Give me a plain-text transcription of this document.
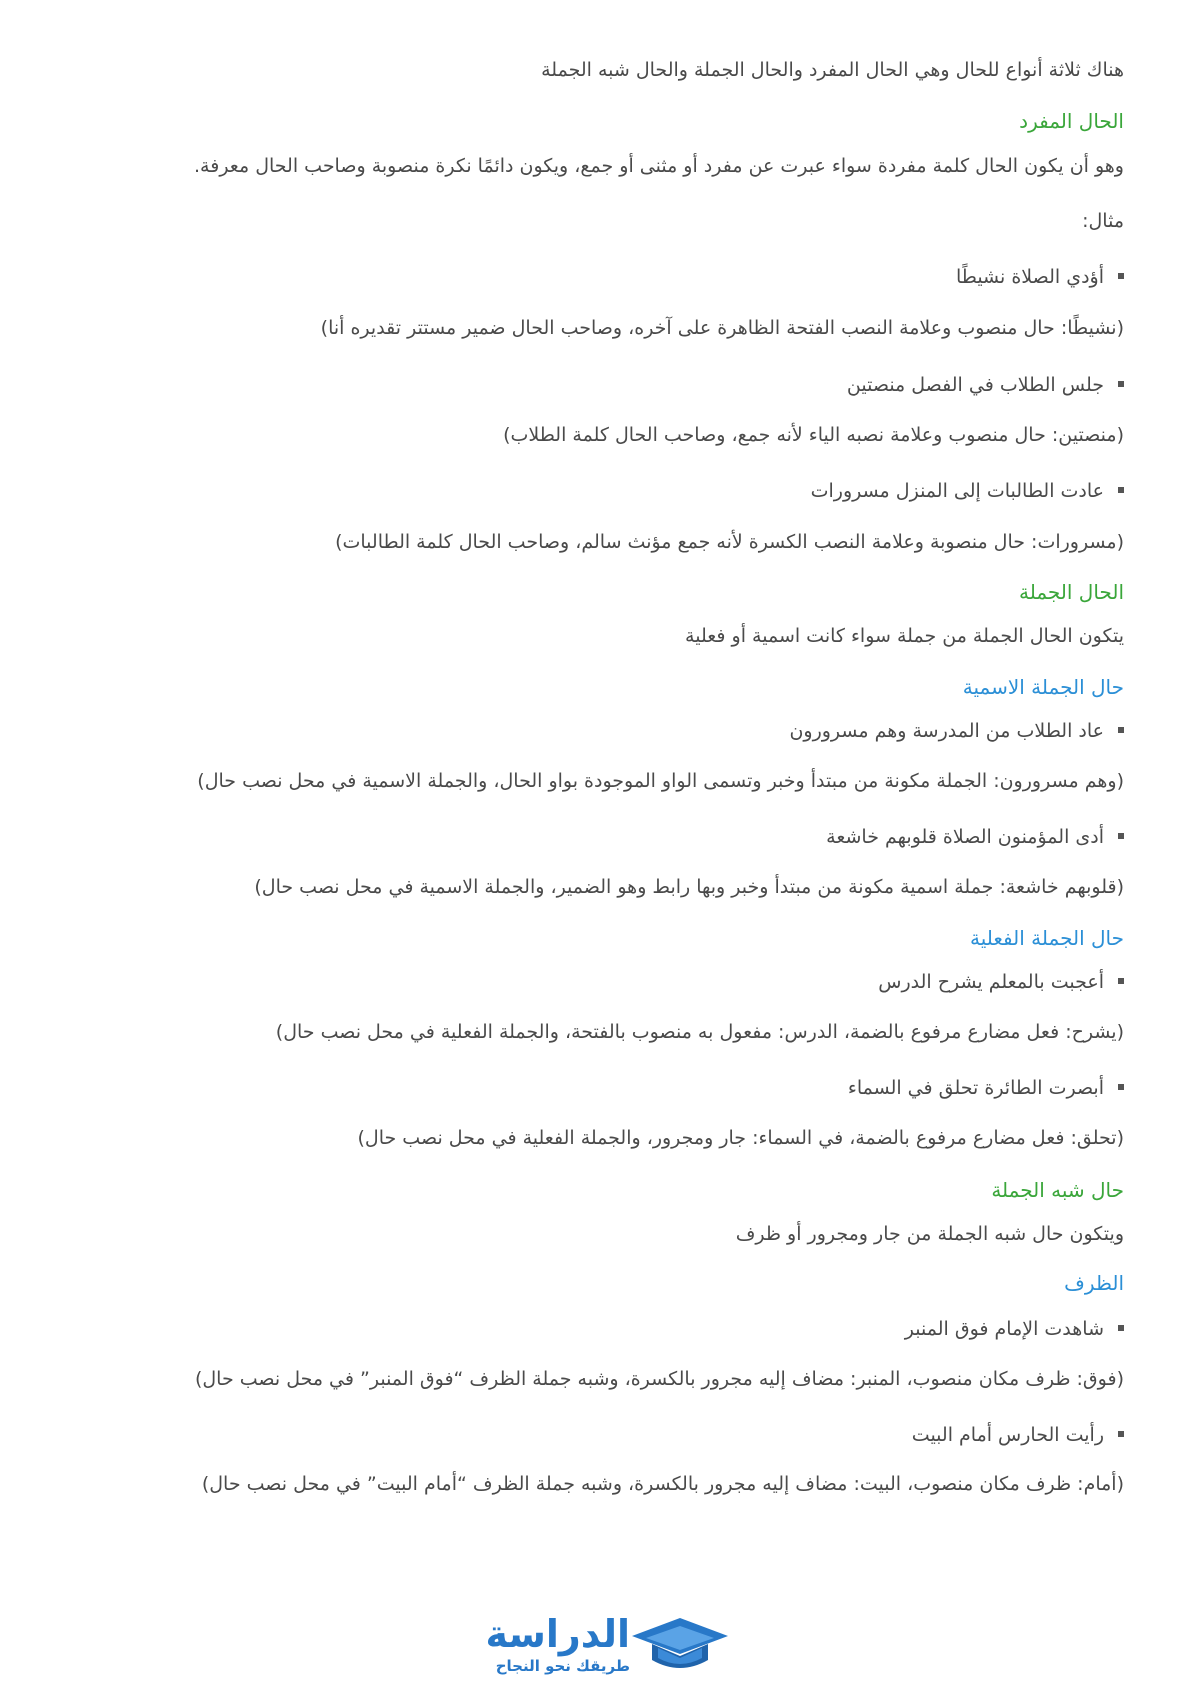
هناك ثلاثة أنواع للحال وهي الحال المفرد والحال الجملة والحال شبه الجملة
الحال المفرد
وهو أن يكون الحال كلمة مفردة سواء عبرت عن مفرد أو مثنى أو جمع، ويكون دائمًا نكرة منصوبة وصاحب الحال معرفة.
مثال:
أؤدي الصلاة نشيطًا
(نشيطًا: حال منصوب وعلامة النصب الفتحة الظاهرة على آخره، وصاحب الحال ضمير مستتر تقديره أنا)
جلس الطلاب في الفصل منصتين
(منصتين: حال منصوب وعلامة نصبه الياء لأنه جمع، وصاحب الحال كلمة الطلاب)
عادت الطالبات إلى المنزل مسرورات
(مسرورات: حال منصوبة وعلامة النصب الكسرة لأنه جمع مؤنث سالم، وصاحب الحال كلمة الطالبات)
الحال الجملة
يتكون الحال الجملة من جملة سواء كانت اسمية أو فعلية
حال الجملة الاسمية
عاد الطلاب من المدرسة وهم مسرورون
(وهم مسرورون: الجملة مكونة من مبتدأ وخبر وتسمى الواو الموجودة بواو الحال، والجملة الاسمية في محل نصب حال)
أدى المؤمنون الصلاة قلوبهم خاشعة
(قلوبهم خاشعة: جملة اسمية مكونة من مبتدأ وخبر وبها رابط وهو الضمير، والجملة الاسمية في محل نصب حال)
حال الجملة الفعلية
أعجبت بالمعلم يشرح الدرس
(يشرح: فعل مضارع مرفوع بالضمة، الدرس: مفعول به منصوب بالفتحة، والجملة الفعلية في محل نصب حال)
أبصرت الطائرة تحلق في السماء
(تحلق: فعل مضارع مرفوع بالضمة، في السماء: جار ومجرور، والجملة الفعلية في محل نصب حال)
حال شبه الجملة
ويتكون حال شبه الجملة من جار ومجرور أو ظرف
الظرف
شاهدت الإمام فوق المنبر
(فوق: ظرف مكان منصوب، المنبر: مضاف إليه مجرور بالكسرة، وشبه جملة الظرف “فوق المنبر” في محل نصب حال)
رأيت الحارس أمام البيت
(أمام: ظرف مكان منصوب، البيت: مضاف إليه مجرور بالكسرة، وشبه جملة الظرف “أمام البيت” في محل نصب حال)
الدراسة
طريقك نحو النجاح
